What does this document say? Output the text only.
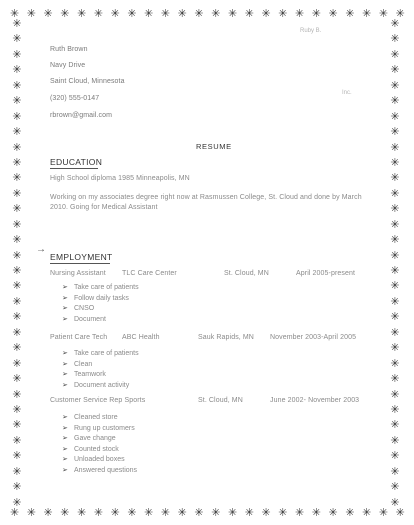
✳ ✳ ✳ ✳ ✳ ✳ ✳ ✳ ✳ ✳ ✳ ✳ ✳ ✳ ✳ ✳ ✳ ✳ ✳ ✳ ✳ ✳ ✳ ✳
✳ ✳ ✳ ✳ ✳ ✳ ✳ ✳ ✳ ✳ ✳ ✳ ✳ ✳ ✳ ✳ ✳ ✳ ✳ ✳ ✳ ✳ ✳ ✳
✳
✳
✳
✳
✳
✳
✳
✳
✳
✳
✳
✳
✳
✳
✳
✳
✳
✳
✳
✳
✳
✳
✳
✳
✳
✳
✳
✳
✳
✳
✳
✳
✳
✳
✳
✳
✳
✳
✳
✳
✳
✳
✳
✳
✳
✳
✳
✳
✳
✳
✳
✳
✳
✳
✳
✳
✳
✳
✳
✳
✳
✳
✳
✳
Ruby B.
Inc.
Ruth Brown
Navy Drive
Saint Cloud, Minnesota
(320) 555-0147
rbrown@gmail.com
RESUME
EDUCATION
High School diploma 1985 Minneapolis, MN
Working on my associates degree right now at Rasmussen College, St. Cloud and done by March
2010. Going for Medical Assistant
→
EMPLOYMENT
Nursing Assistant TLC Care Center	St. Cloud, MN	April 2005-present
➢ Take care of patients
➢ Follow daily tasks
➢ CNSO
➢ Document
Patient Care Tech ABC Health	Sauk Rapids, MN November 2003-April 2005
➢ Take care of patients
➢ Clean
➢ Teamwork
➢ Document activity
Customer Service Rep Sports	St. Cloud, MN	June 2002- November 2003
➢ Cleaned store
➢ Rung up customers
➢ Gave change
➢ Counted stock
➢ Unloaded boxes
➢ Answered questions
